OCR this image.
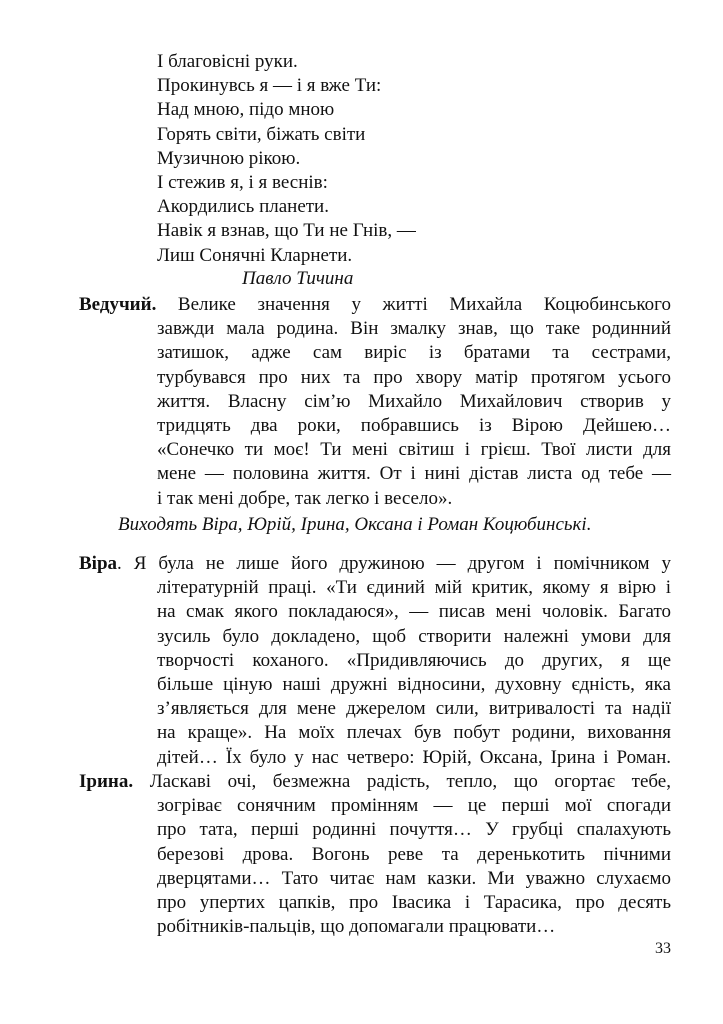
І благовісні руки.
Прокинувсь я — і я вже Ти:
Над мною, підо мною
Горять світи, біжать світи
Музичною рікою.
І стежив я, і я веснів:
Акордились планети.
Навік я взнав, що Ти не Гнів, —
Лиш Сонячні Кларнети.
Павло Тичина
Ведучий. Велике значення у житті Михайла Коцюбинського
завжди мала родина. Він змалку знав, що таке родинний
затишок, адже сам виріс із братами та сестрами,
турбувався про них та про хвору матір протягом усього
життя. Власну сім’ю Михайло Михайлович створив у
тридцять два роки, побравшись із Вірою Дейшею…
«Сонечко ти моє! Ти мені світиш і грієш. Твої листи для
мене — половина життя. От і нині дістав листа од тебе —
і так мені добре, так легко і весело».
Виходять Віра, Юрій, Ірина, Оксана і Роман Коцюбинські.
Віра. Я була не лише його дружиною — другом і помічником у
літературній праці. «Ти єдиний мій критик, якому я вірю і
на смак якого покладаюся», — писав мені чоловік. Багато
зусиль було докладено, щоб створити належні умови для
творчості коханого. «Придивляючись до других, я ще
більше ціную наші дружні відносини, духовну єдність, яка
з’являється для мене джерелом сили, витривалості та надії
на краще». На моїх плечах був побут родини, виховання
дітей… Їх було у нас четверо: Юрій, Оксана, Ірина і Роман.
Ірина. Ласкаві очі, безмежна радість, тепло, що огортає тебе,
зогріває сонячним промінням — це перші мої спогади
про тата, перші родинні почуття… У грубці спалахують
березові дрова. Вогонь реве та деренькотить пічними
дверцятами… Тато читає нам казки. Ми уважно слухаємо
про упертих цапків, про Івасика і Тарасика, про десять
робітників-пальців, що допомагали працювати…
33
